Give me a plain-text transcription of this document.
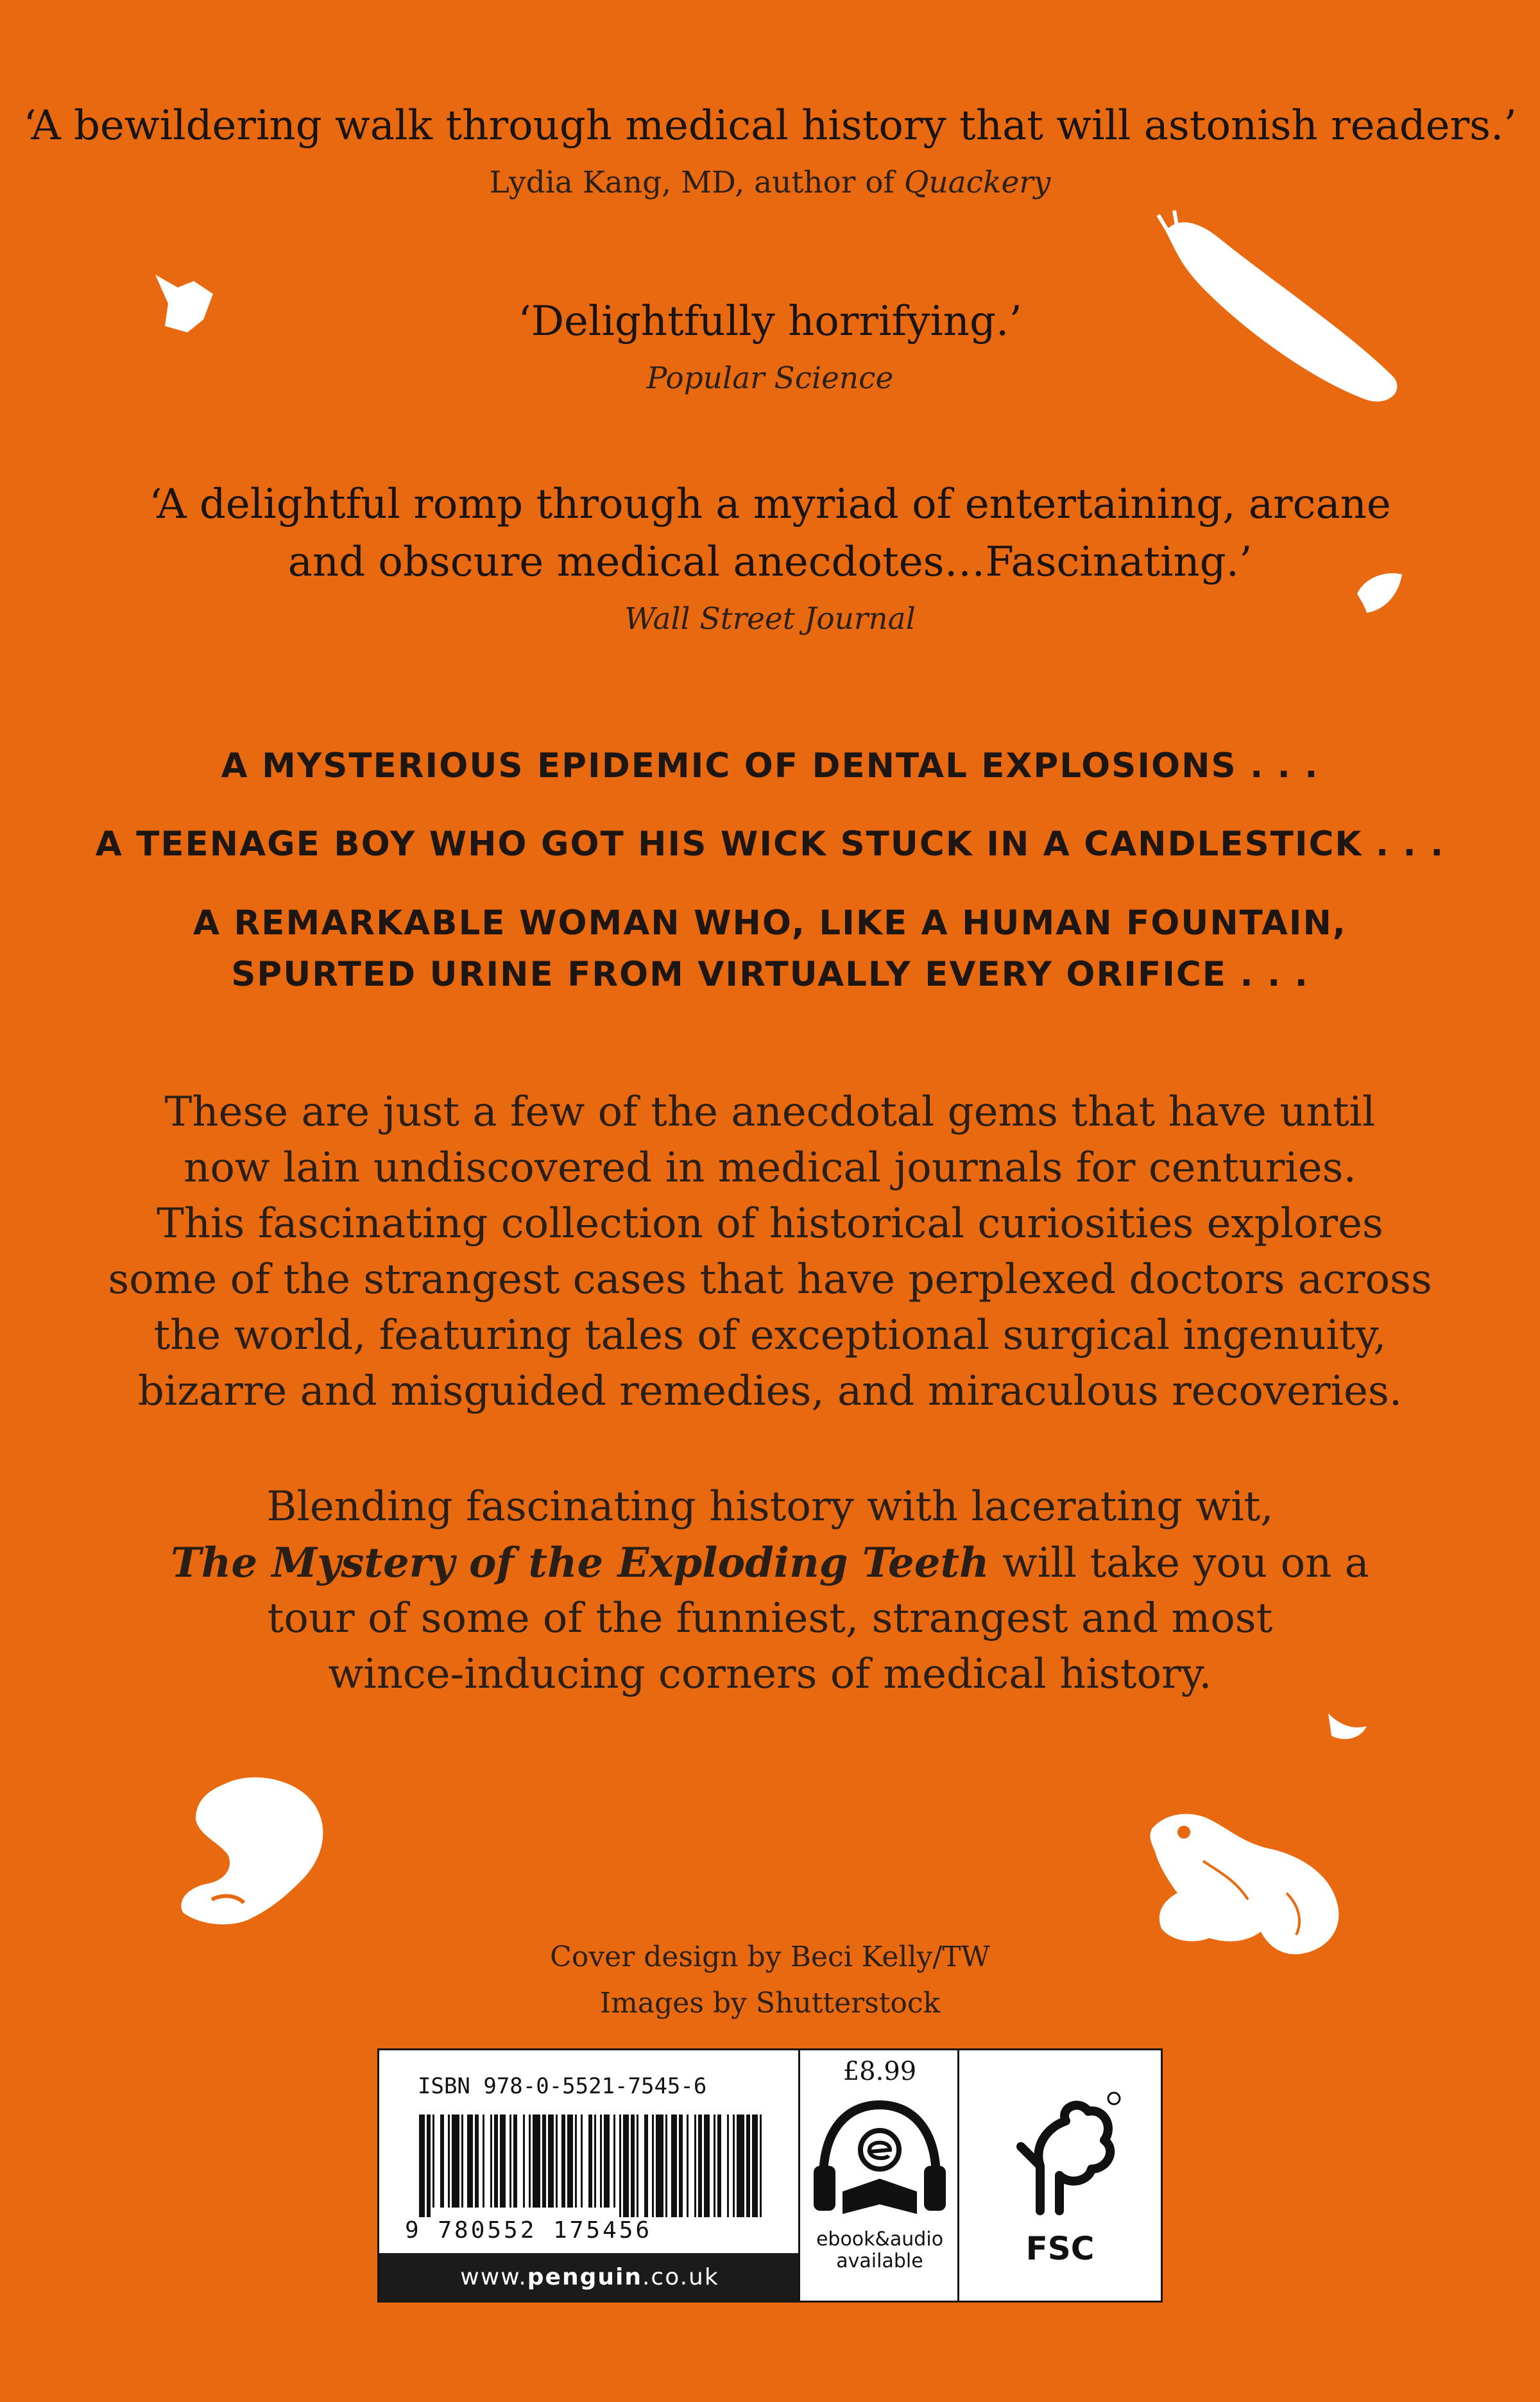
‘A bewildering walk through medical history that will astonish readers.’
Lydia Kang, MD, author of Quackery
‘Delightfully horrifying.’
Popular Science
‘A delightful romp through a myriad of entertaining, arcane
and obscure medical anecdotes…Fascinating.’
Wall Street Journal
A MYSTERIOUS EPIDEMIC OF DENTAL EXPLOSIONS . . .
A TEENAGE BOY WHO GOT HIS WICK STUCK IN A CANDLESTICK . . .
A REMARKABLE WOMAN WHO, LIKE A HUMAN FOUNTAIN,
SPURTED URINE FROM VIRTUALLY EVERY ORIFICE . . .
These are just a few of the anecdotal gems that have until
now lain undiscovered in medical journals for centuries.
This fascinating collection of historical curiosities explores
some of the strangest cases that have perplexed doctors across
the world, featuring tales of exceptional surgical ingenuity,
bizarre and misguided remedies, and miraculous recoveries.
Blending fascinating history with lacerating wit,
The Mystery of the Exploding Teeth will take you on a
tour of some of the funniest, strangest and most
wince-inducing corners of medical history.
Cover design by Beci Kelly/TW
Images by Shutterstock
ISBN 978-0-5521-7545-6
9 780552 175456
www.penguin.co.uk
£8.99
ebook&audio
available	FSC
